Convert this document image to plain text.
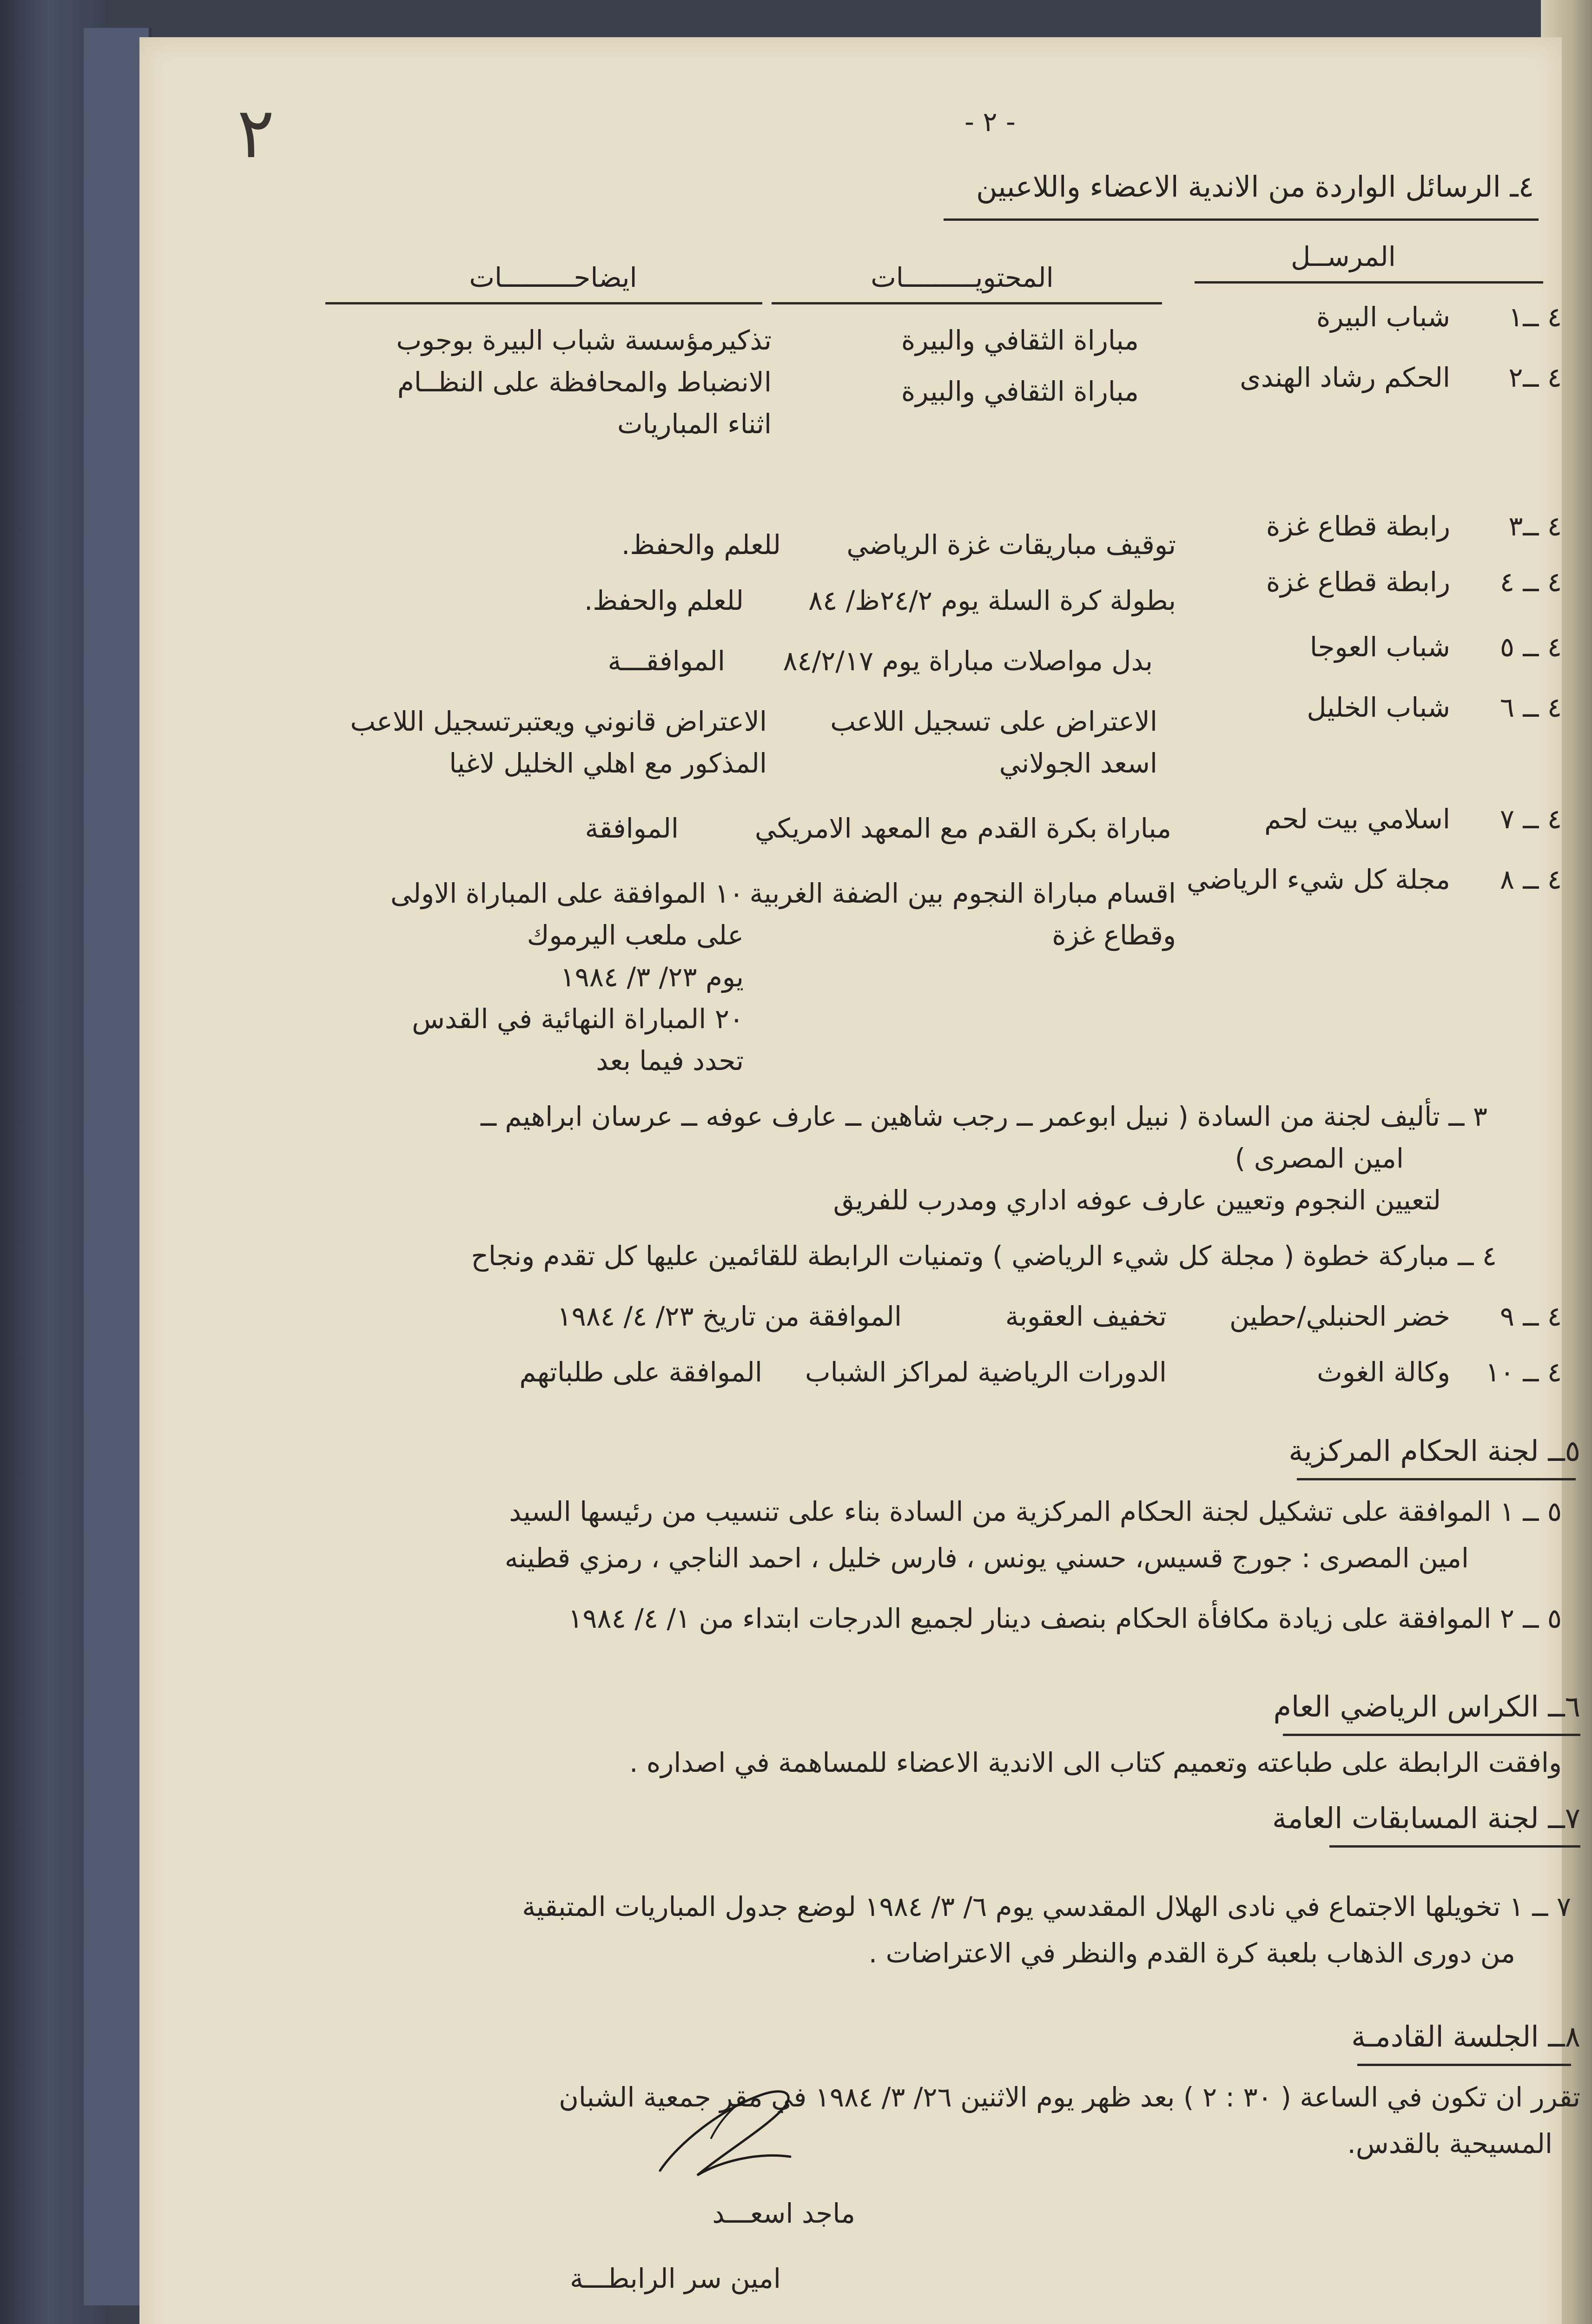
٢	- ٢ -
٤ـ الرسائل الواردة من الاندية الاعضاء واللاعبين
المرســل
المحتويـــــــــات
ايضاحـــــــــات
٤ ــ١
شباب البيرة
مباراة الثقافي والبيرة
تذكيرمؤسسة شباب البيرة بوجوب
الانضباط والمحافظة على النظــام
اثناء المباريات
٤ ــ٢
الحكم رشاد الهندى
مباراة الثقافي والبيرة
٤ ــ٣
رابطة قطاع غزة
توقيف مباريقات غزة الرياضي
للعلم والحفظ.
٤ ــ ٤
رابطة قطاع غزة
بطولة كرة السلة يوم ٢٤/٢ظ/ ٨٤
للعلم والحفظ.
٤ ــ ٥
شباب العوجا
بدل مواصلات مباراة يوم ٨٤/٢/١٧
الموافقـــة
٤ ــ ٦
شباب الخليل
الاعتراض على تسجيل اللاعب
اسعد الجولاني
الاعتراض قانوني ويعتبرتسجيل اللاعب
المذكور مع اهلي الخليل لاغيا
٤ ــ ٧
اسلامي بيت لحم
مباراة بكرة القدم مع المعهد الامريكي
الموافقة
٤ ــ ٨
مجلة كل شيء الرياضي
اقسام مباراة النجوم بين الضفة الغربية
وقطاع غزة
١٠ الموافقة على المباراة الاولى
على ملعب اليرموك
يوم ٢٣/ ٣/ ١٩٨٤
٢٠ المباراة النهائية في القدس
تحدد فيما بعد
٣ ــ تأليف لجنة من السادة ( نبيل ابوعمر ــ رجب شاهين ــ عارف عوفه ــ عرسان ابراهيم ــ
امين المصرى )
لتعيين النجوم وتعيين عارف عوفه اداري ومدرب للفريق
٤ ــ مباركة خطوة ( مجلة كل شيء الرياضي ) وتمنيات الرابطة للقائمين عليها كل تقدم ونجاح
٤ ــ ٩
خضر الحنبلي/حطين
تخفيف العقوبة
الموافقة من تاريخ ٢٣/ ٤/ ١٩٨٤
٤ ــ ١٠
وكالة الغوث
الدورات الرياضية لمراكز الشباب
الموافقة على طلباتهم
٥ــ لجنة الحكام المركزية
٥ ــ ١ الموافقة على تشكيل لجنة الحكام المركزية من السادة بناء على تنسيب من رئيسها السيد
امين المصرى : جورج قسيس، حسني يونس ، فارس خليل ، احمد الناجي ، رمزي قطينه
٥ ــ ٢ الموافقة على زيادة مكافأة الحكام بنصف دينار لجميع الدرجات ابتداء من ١/ ٤/ ١٩٨٤
٦ــ الكراس الرياضي العام
وافقت الرابطة على طباعته وتعميم كتاب الى الاندية الاعضاء للمساهمة في اصداره .
٧ــ لجنة المسابقات العامة
٧ ــ ١ تخويلها الاجتماع في نادى الهلال المقدسي يوم ٦/ ٣/ ١٩٨٤ لوضع جدول المباريات المتبقية
من دورى الذهاب بلعبة كرة القدم والنظر في الاعتراضات .
٨ــ الجلسة القادمـة
تقرر ان تكون في الساعة ( ٣٠ : ٢ ) بعد ظهر يوم الاثنين ٢٦/ ٣/ ١٩٨٤ في مقر جمعية الشبان
المسيحية بالقدس.
ماجد اسعـــد
امين سر الرابطـــة
